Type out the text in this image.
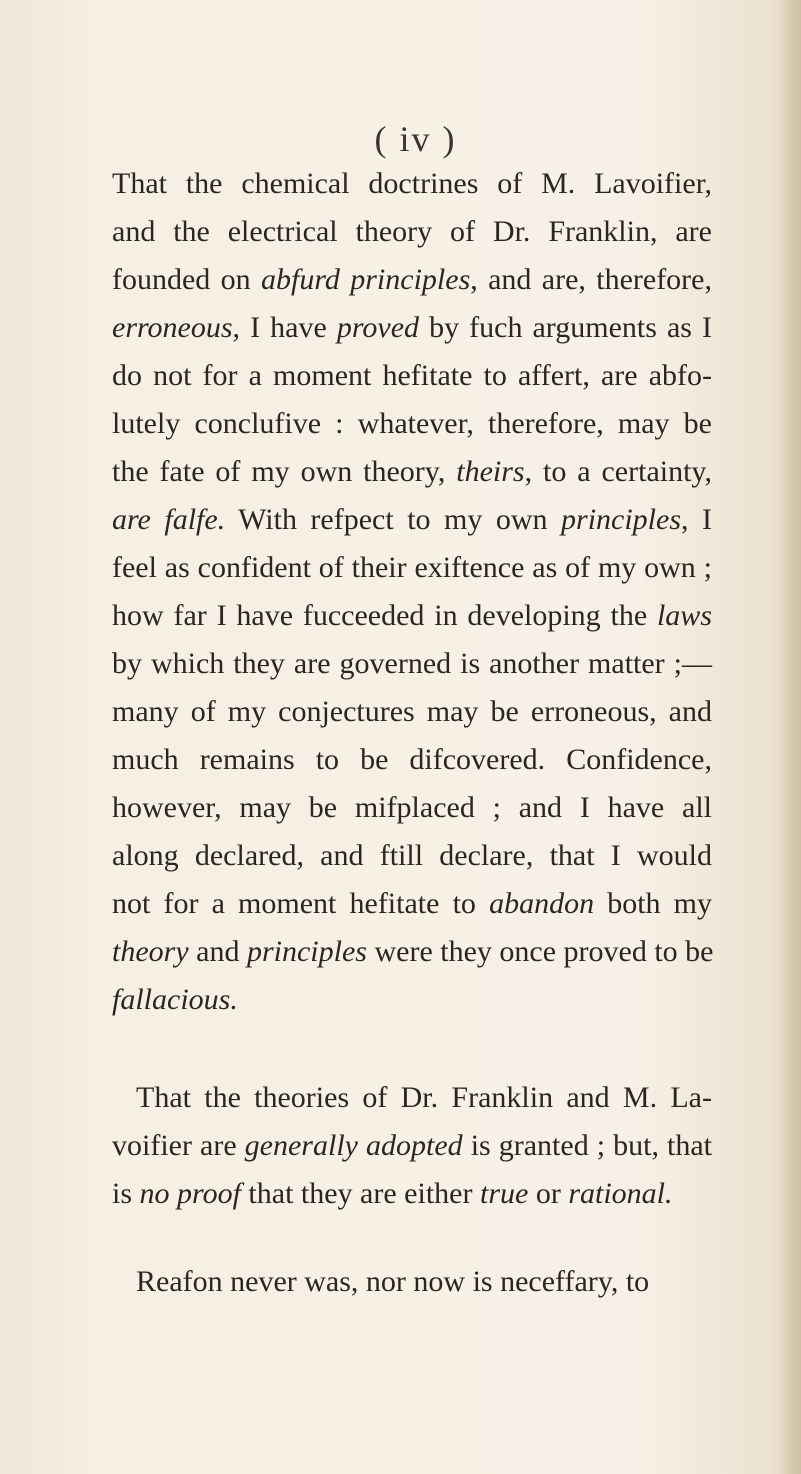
( iv )
That the chemical doctrines of M. Lavoifier,
and the electrical theory of Dr. Franklin, are
founded on abfurd principles, and are, therefore,
erroneous, I have proved by fuch arguments as I
do not for a moment hefitate to affert, are abfo-
lutely conclufive : whatever, therefore, may be
the fate of my own theory, theirs, to a certainty,
are falfe. With refpect to my own principles, I
feel as confident of their exiftence as of my own ;
how far I have fucceeded in developing the laws
by which they are governed is another matter ;—
many of my conjectures may be erroneous, and
much remains to be difcovered. Confidence,
however, may be mifplaced ; and I have all
along declared, and ftill declare, that I would
not for a moment hefitate to abandon both my
theory and principles were they once proved to be
fallacious.
That the theories of Dr. Franklin and M. La-
voifier are generally adopted is granted ; but, that
is no proof that they are either true or rational.
Reafon never was, nor now is neceffary, to
